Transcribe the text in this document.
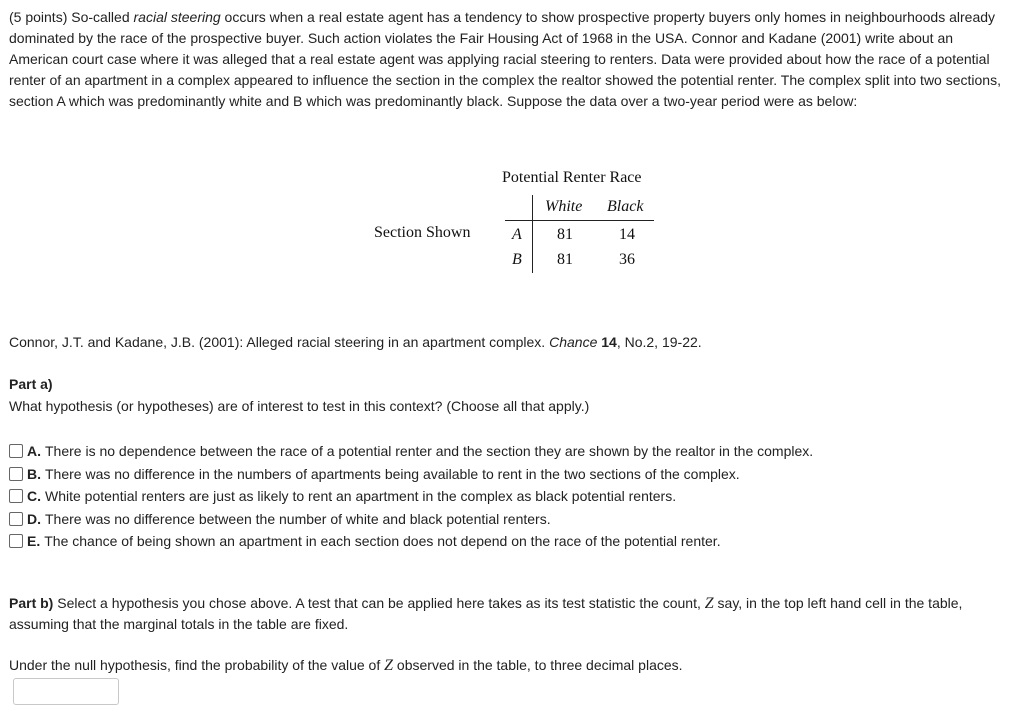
(5 points) So-called racial steering occurs when a real estate agent has a tendency to show prospective property buyers only homes in neighbourhoods already dominated by the race of the prospective buyer. Such action violates the Fair Housing Act of 1968 in the USA. Connor and Kadane (2001) write about an American court case where it was alleged that a real estate agent was applying racial steering to renters. Data were provided about how the race of a potential renter of an apartment in a complex appeared to influence the section in the complex the realtor showed the potential renter. The complex split into two sections, section A which was predominantly white and B which was predominantly black. Suppose the data over a two-year period were as below:

Potential Renter Race
White Black
Section Shown	A 81	14
B 81	36

Connor, J.T. and Kadane, J.B. (2001): Alleged racial steering in an apartment complex. Chance 14, No.2, 19-22.

Part a)

What hypothesis (or hypotheses) are of interest to test in this context? (Choose all that apply.)

A. There is no dependence between the race of a potential renter and the section they are shown by the realtor in the complex.
B. There was no difference in the numbers of apartments being available to rent in the two sections of the complex.
C. White potential renters are just as likely to rent an apartment in the complex as black potential renters.
D. There was no difference between the number of white and black potential renters.
E. The chance of being shown an apartment in each section does not depend on the race of the potential renter.

Part b) Select a hypothesis you chose above. A test that can be applied here takes as its test statistic the count, Z say, in the top left hand cell in the table, assuming that the marginal totals in the table are fixed.

Under the null hypothesis, find the probability of the value of Z observed in the table, to three decimal places.
